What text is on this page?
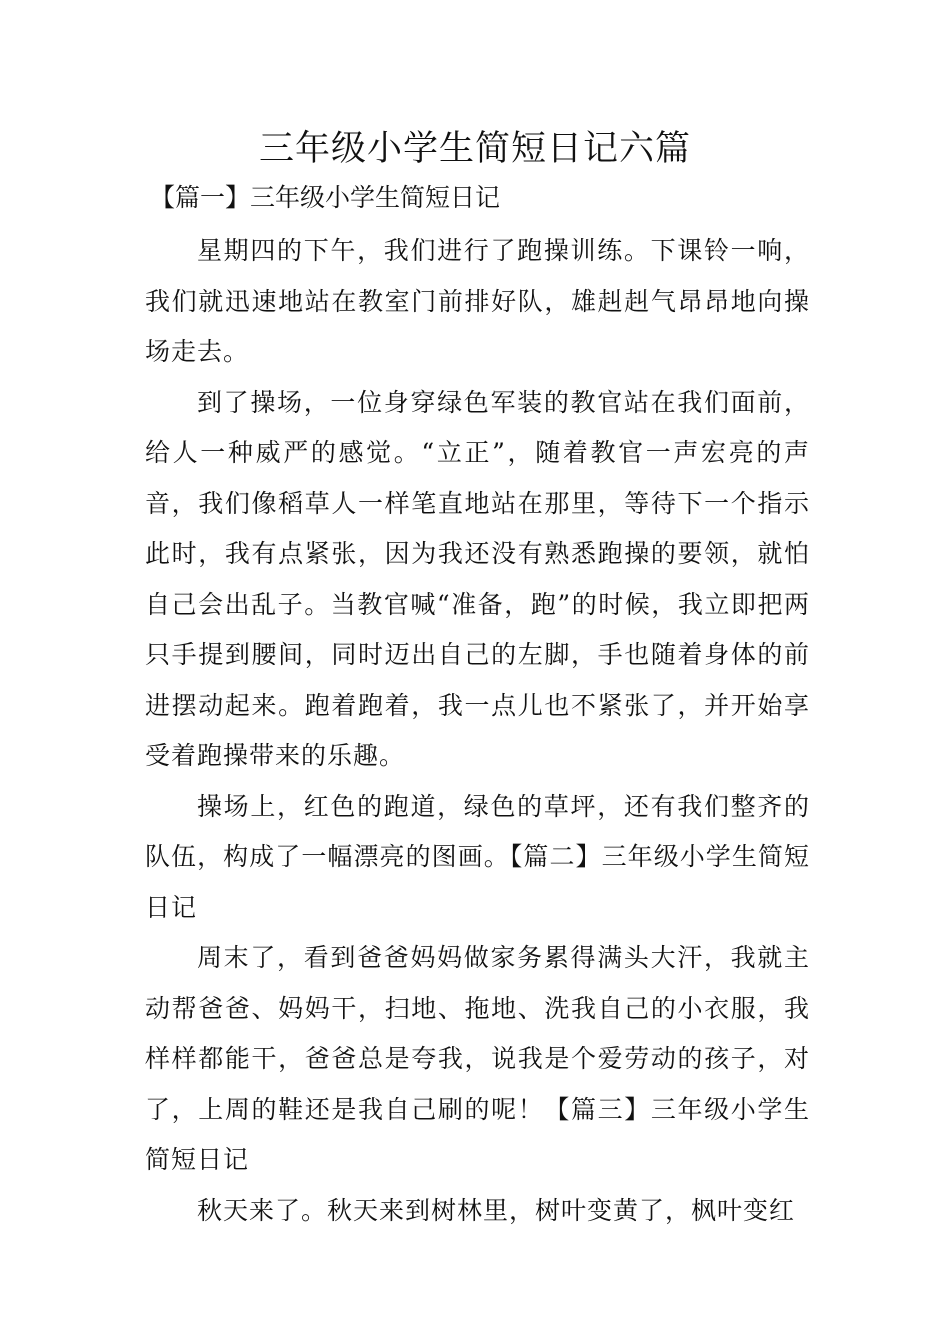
三年级小学生简短日记六篇
【篇一】三年级小学生简短日记

星期四的下午，我们进行了跑操训练。下课铃一响，我们就迅速地站在教室门前排好队，雄赳赳气昂昂地向操场走去。

到了操场，一位身穿绿色军装的教官站在我们面前，给人一种威严的感觉。“立正”，随着教官一声宏亮的声音，我们像稻草人一样笔直地站在那里，等待下一个指示此时，我有点紧张，因为我还没有熟悉跑操的要领，就怕自己会出乱子。当教官喊“准备，跑”的时候，我立即把两只手提到腰间，同时迈出自己的左脚，手也随着身体的前进摆动起来。跑着跑着，我一点儿也不紧张了，并开始享受着跑操带来的乐趣。

操场上，红色的跑道，绿色的草坪，还有我们整齐的队伍，构成了一幅漂亮的图画。【篇二】三年级小学生简短日记

周末了，看到爸爸妈妈做家务累得满头大汗，我就主动帮爸爸、妈妈干，扫地、拖地、洗我自己的小衣服，我样样都能干，爸爸总是夸我，说我是个爱劳动的孩子，对了，上周的鞋还是我自己刷的呢！【篇三】三年级小学生简短日记

秋天来了。秋天来到树林里，树叶变黄了，枫叶变红
